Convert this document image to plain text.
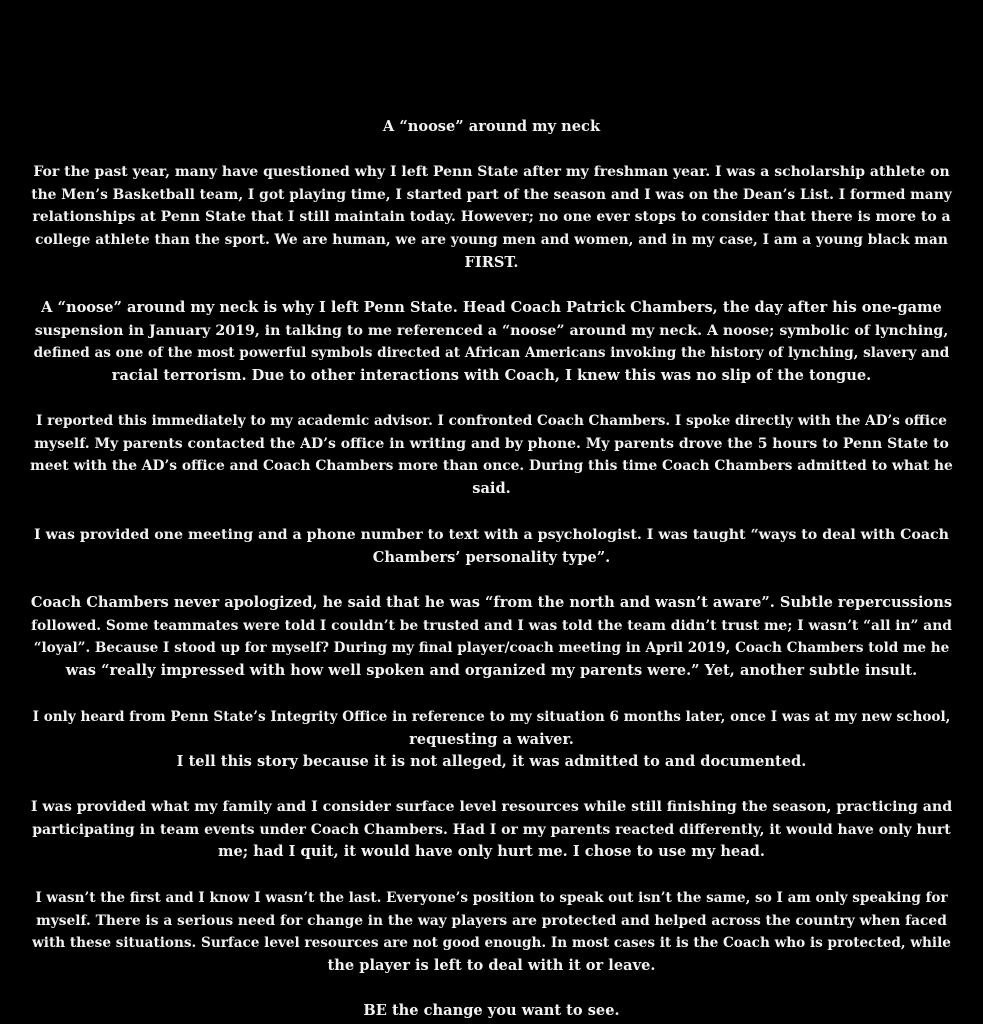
A “noose” around my neck

For the past year, many have questioned why I left Penn State after my freshman year. I was a scholarship athlete on
the Men’s Basketball team, I got playing time, I started part of the season and I was on the Dean’s List. I formed many
relationships at Penn State that I still maintain today. However; no one ever stops to consider that there is more to a
college athlete than the sport. We are human, we are young men and women, and in my case, I am a young black man
FIRST.

A “noose” around my neck is why I left Penn State. Head Coach Patrick Chambers, the day after his one-game
suspension in January 2019, in talking to me referenced a “noose” around my neck. A noose; symbolic of lynching,
defined as one of the most powerful symbols directed at African Americans invoking the history of lynching, slavery and
racial terrorism. Due to other interactions with Coach, I knew this was no slip of the tongue.

I reported this immediately to my academic advisor. I confronted Coach Chambers. I spoke directly with the AD’s office
myself. My parents contacted the AD’s office in writing and by phone. My parents drove the 5 hours to Penn State to
meet with the AD’s office and Coach Chambers more than once. During this time Coach Chambers admitted to what he
said.

I was provided one meeting and a phone number to text with a psychologist. I was taught “ways to deal with Coach
Chambers’ personality type”.

Coach Chambers never apologized, he said that he was “from the north and wasn’t aware”. Subtle repercussions
followed. Some teammates were told I couldn’t be trusted and I was told the team didn’t trust me; I wasn’t “all in” and
“loyal”. Because I stood up for myself? During my final player/coach meeting in April 2019, Coach Chambers told me he
was “really impressed with how well spoken and organized my parents were.” Yet, another subtle insult.

I only heard from Penn State’s Integrity Office in reference to my situation 6 months later, once I was at my new school,
requesting a waiver.
I tell this story because it is not alleged, it was admitted to and documented.

I was provided what my family and I consider surface level resources while still finishing the season, practicing and
participating in team events under Coach Chambers. Had I or my parents reacted differently, it would have only hurt
me; had I quit, it would have only hurt me. I chose to use my head.

I wasn’t the first and I know I wasn’t the last. Everyone’s position to speak out isn’t the same, so I am only speaking for
myself. There is a serious need for change in the way players are protected and helped across the country when faced
with these situations. Surface level resources are not good enough. In most cases it is the Coach who is protected, while
the player is left to deal with it or leave.

BE the change you want to see.
